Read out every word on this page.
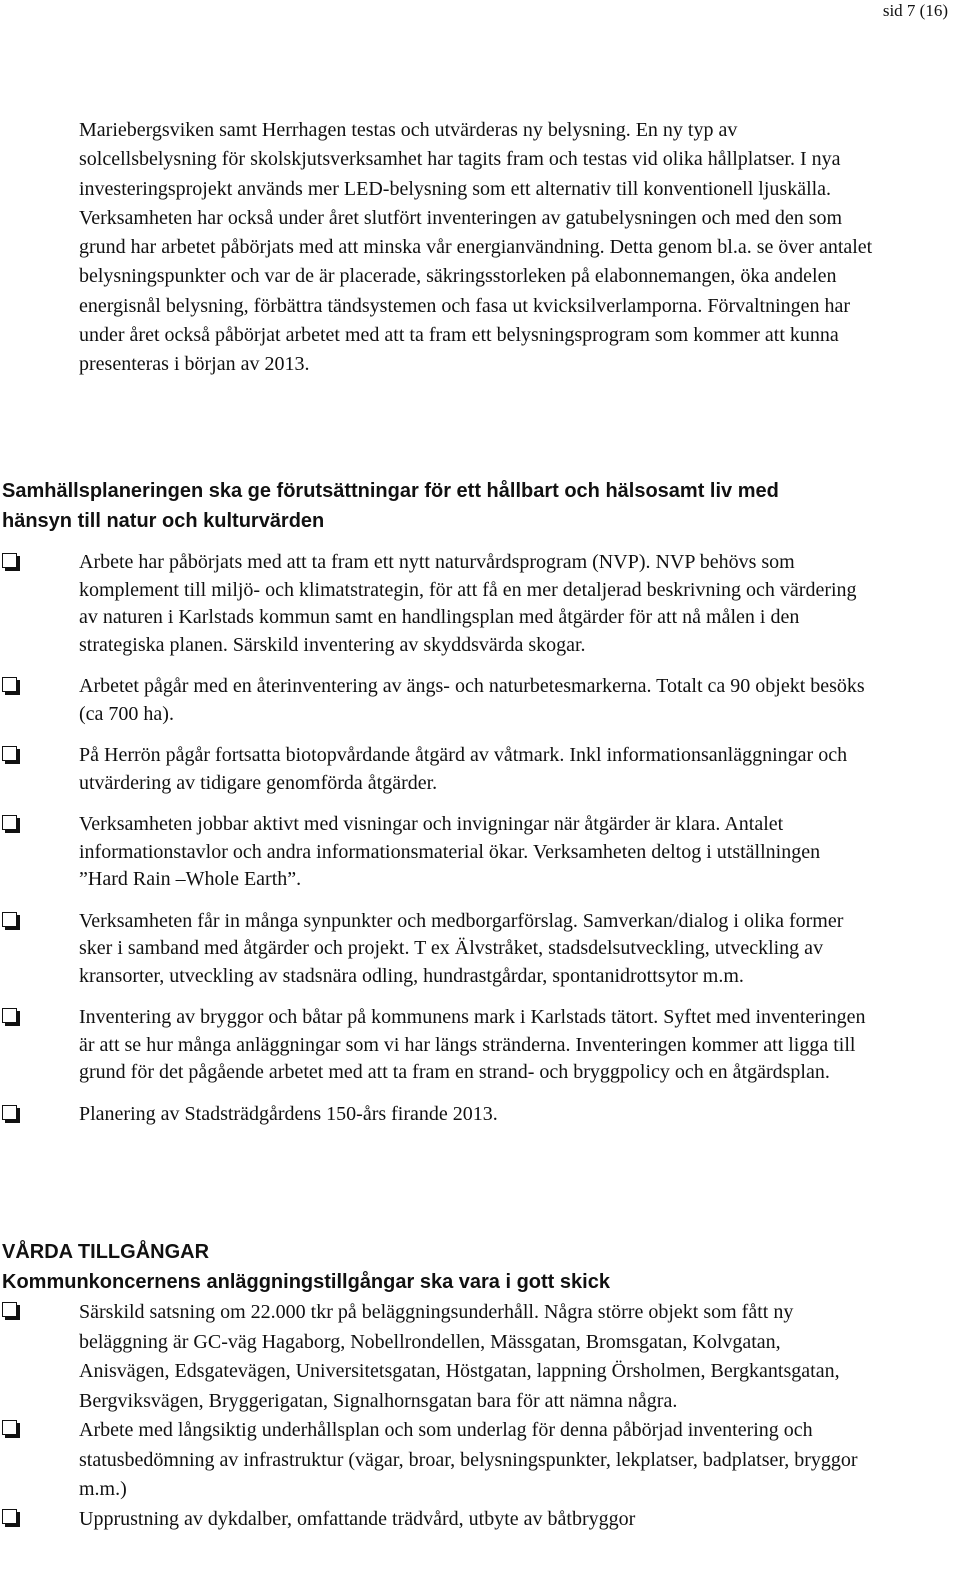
sid 7 (16)

Mariebergsviken samt Herrhagen testas och utvärderas ny belysning. En ny typ av solcellsbelysning för skolskjutsverksamhet har tagits fram och testas vid olika hållplatser. I nya investeringsprojekt används mer LED-belysning som ett alternativ till konventionell ljuskälla. Verksamheten har också under året slutfört inventeringen av gatubelysningen och med den som grund har arbetet påbörjats med att minska vår energianvändning. Detta genom bl.a. se över antalet belysningspunkter och var de är placerade, säkringsstorleken på elabonnemangen, öka andelen energisnål belysning, förbättra tändsystemen och fasa ut kvicksilverlamporna. Förvaltningen har under året också påbörjat arbetet med att ta fram ett belysningsprogram som kommer att kunna presenteras i början av 2013.

Samhällsplaneringen ska ge förutsättningar för ett hållbart och hälsosamt liv med hänsyn till natur och kulturvärden
Arbete har påbörjats med att ta fram ett nytt naturvårdsprogram (NVP). NVP behövs som komplement till miljö- och klimatstrategin, för att få en mer detaljerad beskrivning och värdering av naturen i Karlstads kommun samt en handlingsplan med åtgärder för att nå målen i den strategiska planen. Särskild inventering av skyddsvärda skogar.
Arbetet pågår med en återinventering av ängs- och naturbetesmarkerna. Totalt ca 90 objekt besöks (ca 700 ha).
På Herrön pågår fortsatta biotopvårdande åtgärd av våtmark. Inkl informationsanläggningar och utvärdering av tidigare genomförda åtgärder.
Verksamheten jobbar aktivt med visningar och invigningar när åtgärder är klara. Antalet informationstavlor och andra informationsmaterial ökar. Verksamheten deltog i utställningen ”Hard Rain –Whole Earth”.
Verksamheten får in många synpunkter och medborgarförslag. Samverkan/dialog i olika former sker i samband med åtgärder och projekt. T ex Älvstråket, stadsdelsutveckling, utveckling av kransorter, utveckling av stadsnära odling, hundrastgårdar, spontanidrottsytor m.m.
Inventering av bryggor och båtar på kommunens mark i Karlstads tätort. Syftet med inventeringen är att se hur många anläggningar som vi har längs stränderna. Inventeringen kommer att ligga till grund för det pågående arbetet med att ta fram en strand- och bryggpolicy och en åtgärdsplan.
Planering av Stadsträdgårdens 150-års firande 2013.
VÅRDA TILLGÅNGAR
Kommunkoncernens anläggningstillgångar ska vara i gott skick
Särskild satsning om 22.000 tkr på beläggningsunderhåll. Några större objekt som fått ny beläggning är GC-väg Hagaborg, Nobellrondellen, Mässgatan, Bromsgatan, Kolvgatan, Anisvägen, Edsgatevägen, Universitetsgatan, Höstgatan, lappning Örsholmen, Bergkantsgatan, Bergviksvägen, Bryggerigatan, Signalhornsgatan bara för att nämna några.
Arbete med långsiktig underhållsplan och som underlag för denna påbörjad inventering och statusbedömning av infrastruktur (vägar, broar, belysningspunkter, lekplatser, badplatser, bryggor m.m.)
Upprustning av dykdalber, omfattande trädvård, utbyte av båtbryggor
